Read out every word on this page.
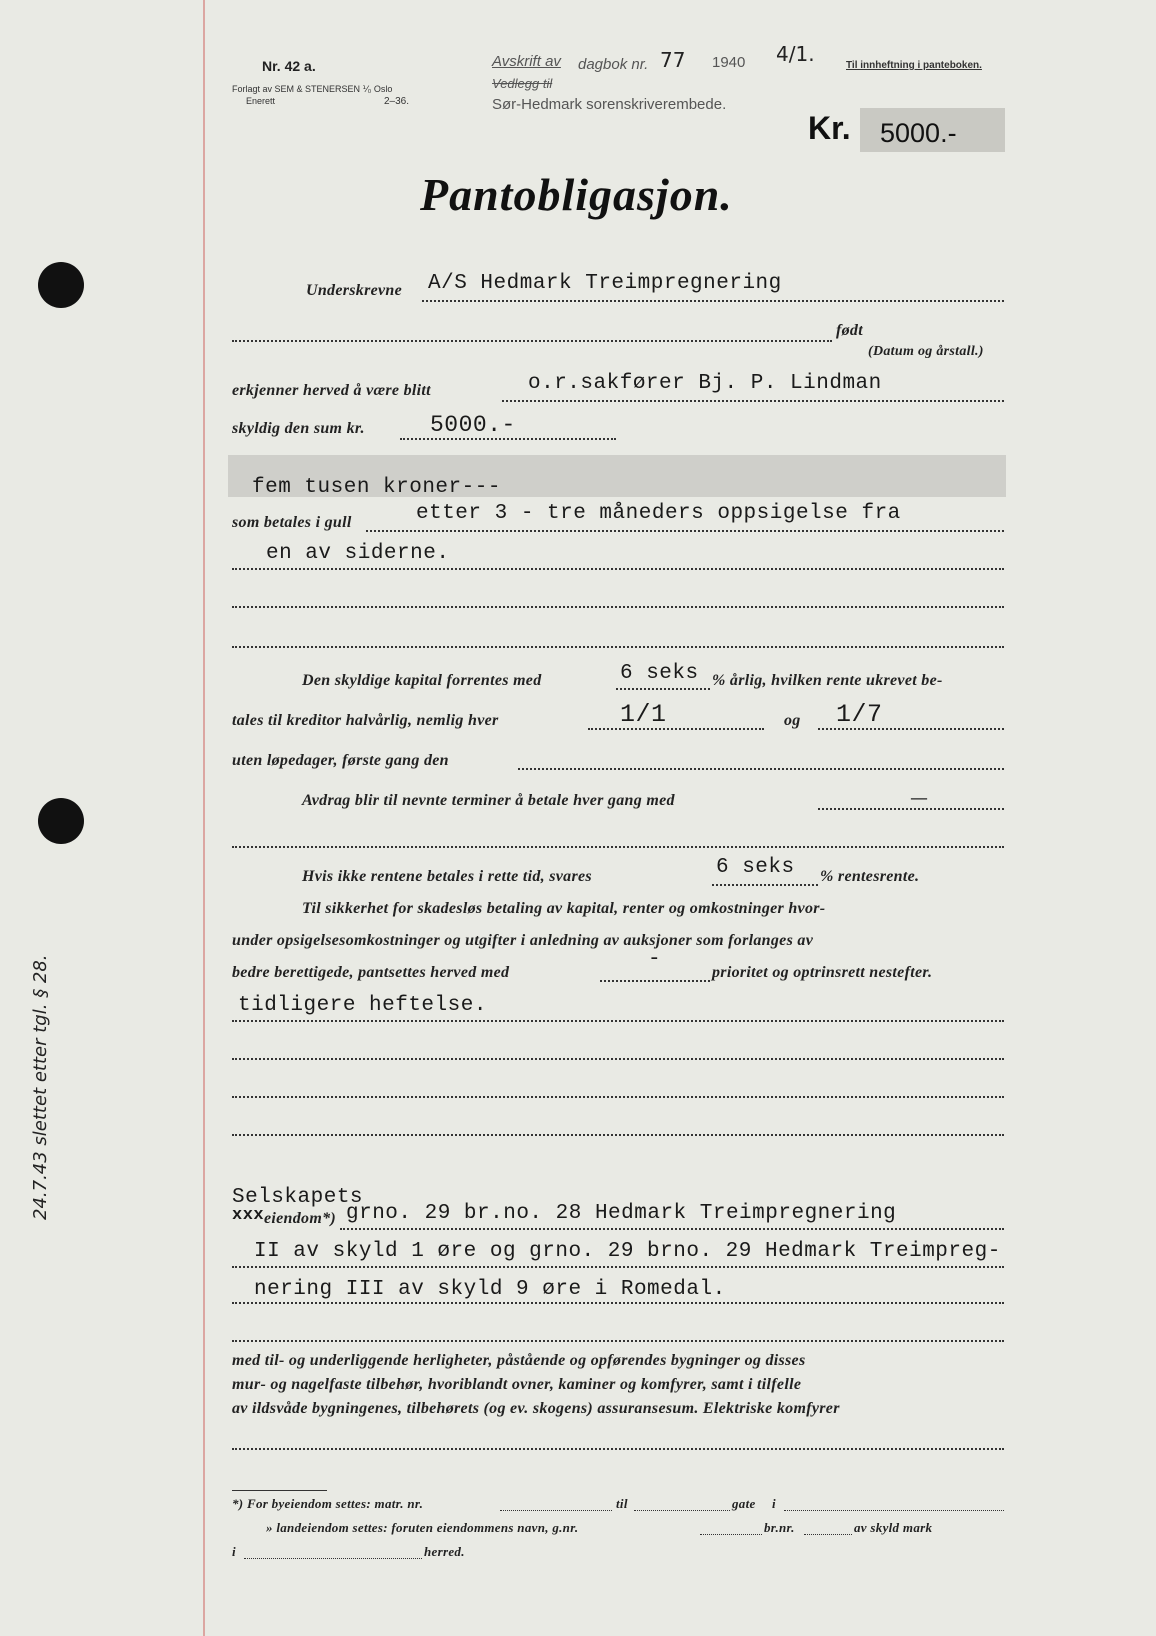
Nr. 42 a.
Forlagt av SEM & STENERSEN ⅟₀ Oslo
Enerett	2–36.
Avskrift av dagbok nr. 77 1940 4/1.	Til innheftning i panteboken.
Vedlegg til
Sør-Hedmark sorenskriverembede.
Kr. 5000.-
Pantobligasjon.
Underskrevne A/S Hedmark Treimpregnering
født
(Datum og årstall.)
erkjenner herved å være blitt	o.r.sakfører Bj. P. Lindman
skyldig den sum kr.	5000.-
fem tusen kroner---
som betales i gull	etter 3 - tre måneders oppsigelse fra
en av siderne.
Den skyldige kapital forrentes med	6 seks % årlig, hvilken rente ukrevet be-
tales til kreditor halvårlig, nemlig hver	1/1	og 1/7
uten løpedager, første gang den
Avdrag blir til nevnte terminer å betale hver gang med	—
Hvis ikke rentene betales i rette tid, svares	6 seks % rentesrente.
Til sikkerhet for skadesløs betaling av kapital, renter og omkostninger hvor-
under opsigelsesomkostninger og utgifter i anledning av auksjoner som forlanges av
bedre berettigede, pantsettes herved med
-
prioritet og optrinsrett nestefter.
tidligere heftelse.
Selskapets
xxx eiendom*) grno. 29 br.no. 28 Hedmark Treimpregnering
II av skyld 1 øre og grno. 29 brno. 29 Hedmark Treimpreg-
nering III av skyld 9 øre i Romedal.
med til- og underliggende herligheter, påstående og opførendes bygninger og disses
mur- og nagelfaste tilbehør, hvoriblandt ovner, kaminer og komfyrer, samt i tilfelle
av ildsvåde bygningenes, tilbehørets (og ev. skogens) assuransesum. Elektriske komfyrer
*) For byeiendom settes: matr. nr.	til	gate i
» landeiendom settes: foruten eiendommens navn, g.nr.	br.nr.	av skyld mark
i	herred.
24.7.43 slettet etter tgl. § 28.
